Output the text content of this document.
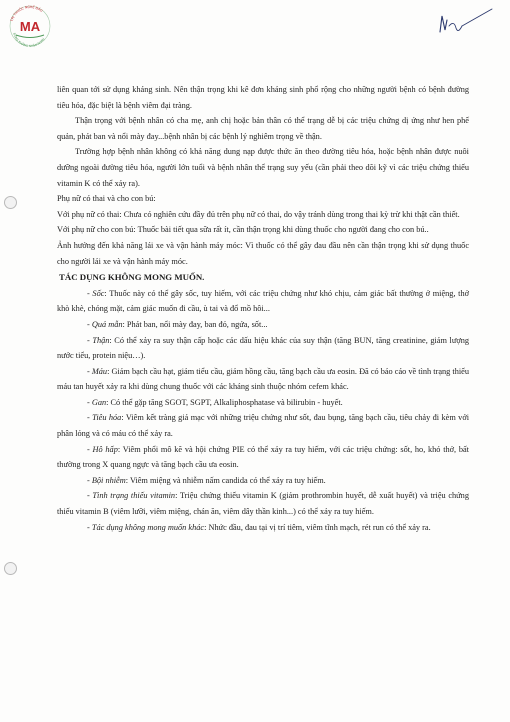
TRỊ THUỐC NGHỀ ĐẢO
ĐÔNG KHẢNG NHẬN NHAU
MA

liên quan tới sử dụng kháng sinh. Nên thận trọng khi kê đơn kháng sinh phổ rộng cho những người bệnh có bệnh đường tiêu hóa, đặc biệt là bệnh viêm đại tràng.

Thận trọng với bệnh nhân có cha mẹ, anh chị hoặc bản thân có thể trạng dễ bị các triệu chứng dị ứng như hen phế quản, phát ban và nổi mày đay...bệnh nhân bị các bệnh lý nghiêm trọng về thận.

Trường hợp bệnh nhân không có khả năng dung nạp được thức ăn theo đường tiêu hóa, hoặc bệnh nhân được nuôi dưỡng ngoài đường tiêu hóa, người lớn tuổi và bệnh nhân thể trạng suy yếu (cần phải theo dõi kỹ vì các triệu chứng thiếu vitamin K có thể xảy ra).

Phụ nữ có thai và cho con bú:

Với phụ nữ có thai: Chưa có nghiên cứu đầy đủ trên phụ nữ có thai, do vậy tránh dùng trong thai kỳ trừ khi thật cần thiết.

Với phụ nữ cho con bú: Thuốc bài tiết qua sữa rất ít, cần thận trọng khi dùng thuốc cho người đang cho con bú..

Ảnh hưởng đến khả năng lái xe và vận hành máy móc: Vì thuốc có thể gây đau đầu nên cần thận trọng khi sử dụng thuốc cho người lái xe và vận hành máy móc.

TÁC DỤNG KHÔNG MONG MUỐN.

- Sốc: Thuốc này có thể gây sốc, tuy hiếm, với các triệu chứng như khó chịu, cảm giác bất thường ở miệng, thở khò khè, chóng mặt, cảm giác muốn đi cầu, ù tai và đổ mồ hôi...

- Quá mẫn: Phát ban, nổi mày đay, ban đỏ, ngứa, sốt...

- Thận: Có thể xảy ra suy thận cấp hoặc các dấu hiệu khác của suy thận (tăng BUN, tăng creatinine, giảm lượng nước tiểu, protein niệu…).

- Máu: Giảm bạch cầu hạt, giảm tiểu cầu, giảm hồng cầu, tăng bạch cầu ưa eosin. Đã có báo cáo về tình trạng thiếu máu tan huyết xảy ra khi dùng chung thuốc với các kháng sinh thuộc nhóm cefem khác.

- Gan: Có thể gặp tăng SGOT, SGPT, Alkaliphosphatase và bilirubin - huyết.

- Tiêu hóa: Viêm kết tràng giả mạc với những triệu chứng như sốt, đau bụng, tăng bạch cầu, tiêu chảy đi kèm với phân lỏng và có máu có thể xảy ra.

- Hô hấp: Viêm phổi mô kẽ và hội chứng PIE có thể xảy ra tuy hiếm, với các triệu chứng: sốt, ho, khó thở, bất thường trong X quang ngực và tăng bạch cầu ưa eosin.

- Bội nhiễm: Viêm miệng và nhiễm nấm candida có thể xảy ra tuy hiếm.

- Tình trạng thiếu vitamin: Triệu chứng thiếu vitamin K (giảm prothrombin huyết, dễ xuất huyết) và triệu chứng thiếu vitamin B (viêm lưỡi, viêm miệng, chán ăn, viêm dây thần kinh...) có thể xảy ra tuy hiếm.

- Tác dụng không mong muốn khác: Nhức đầu, đau tại vị trí tiêm, viêm tĩnh mạch, rét run có thể xảy ra.
